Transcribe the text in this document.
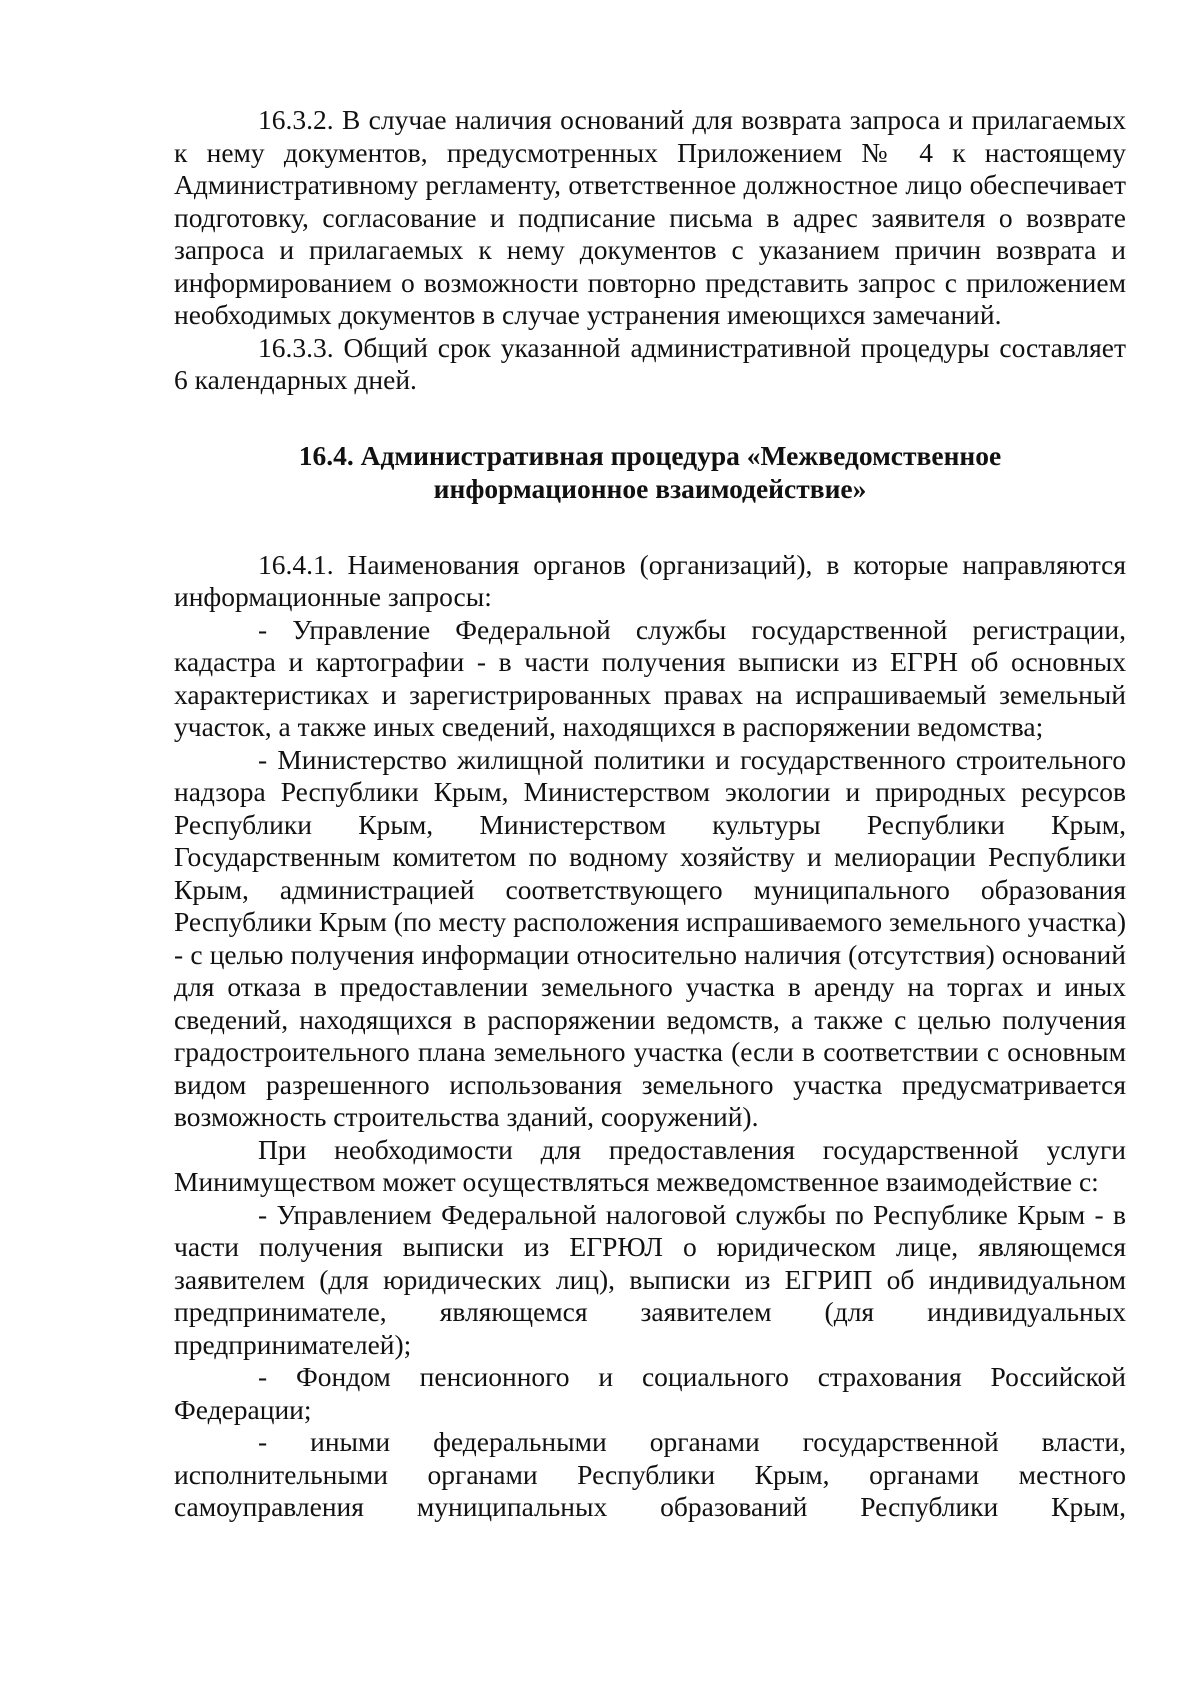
16.3.2. В случае наличия оснований для возврата запроса и прилагаемых к нему документов, предусмотренных Приложением № 4 к настоящему Административному регламенту, ответственное должностное лицо обеспечивает подготовку, согласование и подписание письма в адрес заявителя о возврате запроса и прилагаемых к нему документов с указанием причин возврата и информированием о возможности повторно представить запрос с приложением необходимых документов в случае устранения имеющихся замечаний.

16.3.3. Общий срок указанной административной процедуры составляет 6 календарных дней.

16.4. Административная процедура «Межведомственное
информационное взаимодействие»

16.4.1. Наименования органов (организаций), в которые направляются информационные запросы:

- Управление Федеральной службы государственной регистрации, кадастра и картографии - в части получения выписки из ЕГРН об основных характеристиках и зарегистрированных правах на испрашиваемый земельный участок, а также иных сведений, находящихся в распоряжении ведомства;

- Министерство жилищной политики и государственного строительного надзора Республики Крым, Министерством экологии и природных ресурсов Республики Крым, Министерством культуры Республики Крым, Государственным комитетом по водному хозяйству и мелиорации Республики Крым, администрацией соответствующего муниципального образования Республики Крым (по месту расположения испрашиваемого земельного участка) - с целью получения информации относительно наличия (отсутствия) оснований для отказа в предоставлении земельного участка в аренду на торгах и иных сведений, находящихся в распоряжении ведомств, а также с целью получения градостроительного плана земельного участка (если в соответствии с основным видом разрешенного использования земельного участка предусматривается возможность строительства зданий, сооружений).

При необходимости для предоставления государственной услуги Минимуществом может осуществляться межведомственное взаимодействие с:

- Управлением Федеральной налоговой службы по Республике Крым - в части получения выписки из ЕГРЮЛ о юридическом лице, являющемся заявителем (для юридических лиц), выписки из ЕГРИП об индивидуальном предпринимателе, являющемся заявителем (для индивидуальных предпринимателей);

- Фондом пенсионного и социального страхования Российской Федерации;

- иными федеральными органами государственной власти, исполнительными органами Республики Крым, органами местного самоуправления муниципальных образований Республики Крым,
